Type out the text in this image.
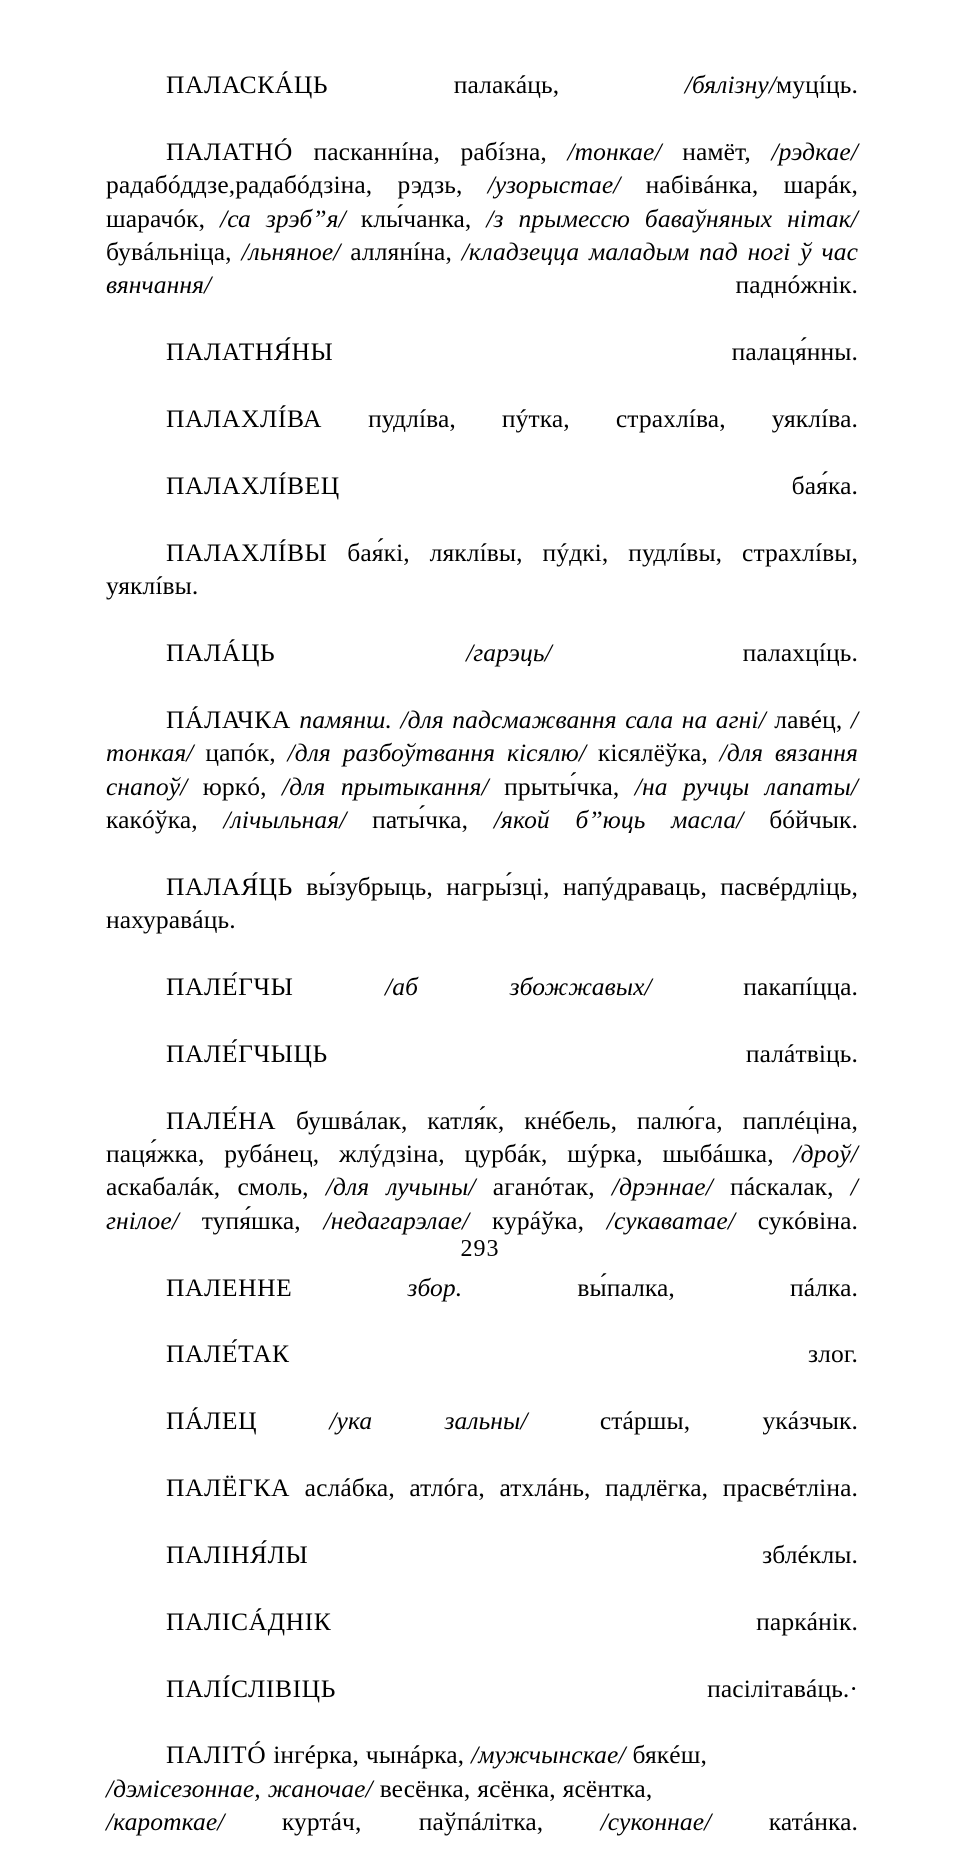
ПАЛАСКÁЦЬ палакáць, /бялізну/муцíць.

ПАЛАТНÓ пасканнíна, рабíзна, /тонкае/ намёт, /рэдкае/ радабóддзе,радабóдзіна, рэдзь, /узорыстае/ набівáнка, шарáк, шарачóк, /са зрэб”я/ клы́чанка, /з прымессю баваўняных нітак/ бувáльніца, /льняное/ аллянíна, /кладзецца маладым пад ногі ў час вянчання/ паднóжнік.

ПАЛАТНЯ́НЫ палаця́нны.

ПАЛАХЛÍВА пудлíва, пýтка, страхлíва, уяклíва.

ПАЛАХЛÍВЕЦ бая́ка.

ПАЛАХЛÍВЫ бая́кі, ляклíвы, пýдкі, пудлíвы, страхлíвы, уяклíвы.

ПАЛÁЦЬ	/гарэць/ палахцíць.

ПÁЛАЧКА памянш. /для падсмажвання сала на агні/ лавéц, /тонкая/ цапóк, /для разбоўтвання кісялю/ кісялёўка, /для вязання снапоў/ юркó, /для прытыкання/ прыты́чка, /на ручцы лапаты/ какóўка, /лічыльная/ паты́чка, /якой б”юць масла/ бóйчык.

ПАЛАЯ́ЦЬ вы́зубрыць, нагры́зці, напýдраваць, пасвéрдліць, нахуравáць.

ПАЛЕ́ГЧЫ	/аб збожжавых/ пакапíцца.

ПАЛЕ́ГЧЫЦЬ палáтвіць.

ПАЛЕ́НА бушвáлак, катля́к, кнéбель, палю́га, паплéціна, паця́жка, рубáнец, жлýдзіна, цурбáк, шýрка, шыбáшка, /дроў/ аскабалáк, смоль, /для лучыны/ аганóтак, /дрэннае/ пáскалак, /гнілое/ тупя́шка, /недагарэлае/ курáўка, /сукаватае/ сукóвіна.

ПАЛЕННЕ	збор. вы́палка, пáлка.

ПАЛЕ́ТАК злог.

ПÁЛЕЦ	/ука зальны/ стáршы, укáзчык.

ПАЛЁГКА аслáбка, атлóга, атхлáнь, падлёгка, прасвéтліна.

ПАЛІНЯ́ЛЫ зблéклы.

ПАЛІСÁДНІК паркáнік.

ПАЛÍСЛІВІЦЬ пасілітавáць.·

ПАЛІТÓ інгéрка, чынáрка, /мужчынскае/ бякéш,
/дэмісезоннае, жаночае/ весёнка, ясёнка, ясёнтка,
/кароткае/ куртáч, паўпáлітка, /суконнае/ катáнка.

293
